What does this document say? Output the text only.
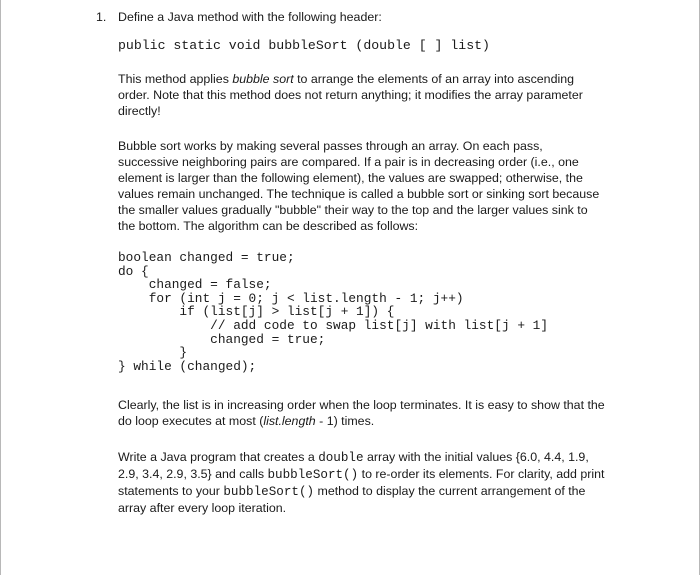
1. Define a Java method with the following header:

public static void bubbleSort (double [ ] list)

This method applies bubble sort to arrange the elements of an array into ascending order. Note that this method does not return anything; it modifies the array parameter directly!

Bubble sort works by making several passes through an array. On each pass, successive neighboring pairs are compared. If a pair is in decreasing order (i.e., one element is larger than the following element), the values are swapped; otherwise, the values remain unchanged. The technique is called a bubble sort or sinking sort because the smaller values gradually "bubble" their way to the top and the larger values sink to the bottom. The algorithm can be described as follows:

boolean changed = true;
do {
changed = false;
for (int j = 0; j < list.length - 1; j++)
if (list[j] > list[j + 1]) {
// add code to swap list[j] with list[j + 1]
changed = true;
}
} while (changed);

Clearly, the list is in increasing order when the loop terminates. It is easy to show that the do loop executes at most (list.length - 1) times.

Write a Java program that creates a double array with the initial values {6.0, 4.4, 1.9, 2.9, 3.4, 2.9, 3.5} and calls bubbleSort() to re-order its elements. For clarity, add print statements to your bubbleSort() method to display the current arrangement of the array after every loop iteration.
